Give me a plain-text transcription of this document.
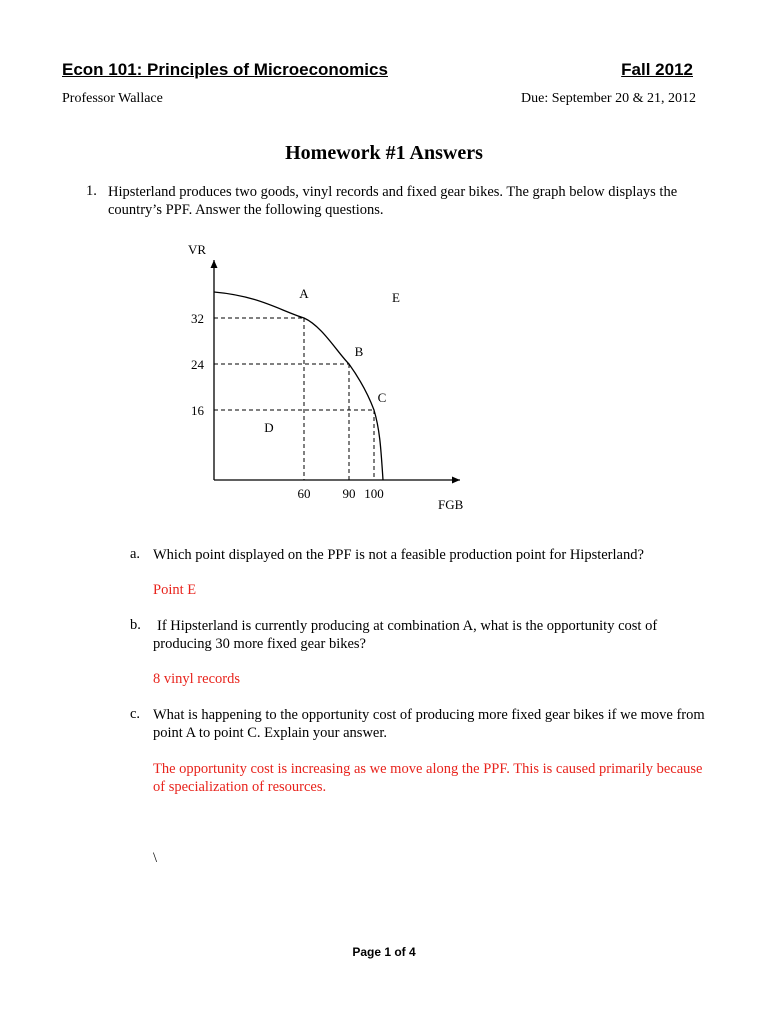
Econ 101: Principles of Microeconomics	Fall 2012
Professor Wallace	Due: September 20 & 21, 2012
Homework #1 Answers
1. Hipsterland produces two goods, vinyl records and fixed gear bikes. The graph below displays the country’s PPF. Answer the following questions.
VR
FGB
60 90 100
32
24
16
A
B
C
D
E
a. Which point displayed on the PPF is not a feasible production point for Hipsterland?
Point E
b. If Hipsterland is currently producing at combination A, what is the opportunity cost of producing 30 more fixed gear bikes?
8 vinyl records
c. What is happening to the opportunity cost of producing more fixed gear bikes if we move from point A to point C. Explain your answer.
The opportunity cost is increasing as we move along the PPF. This is caused primarily because of specialization of resources.
\
Page 1 of 4
